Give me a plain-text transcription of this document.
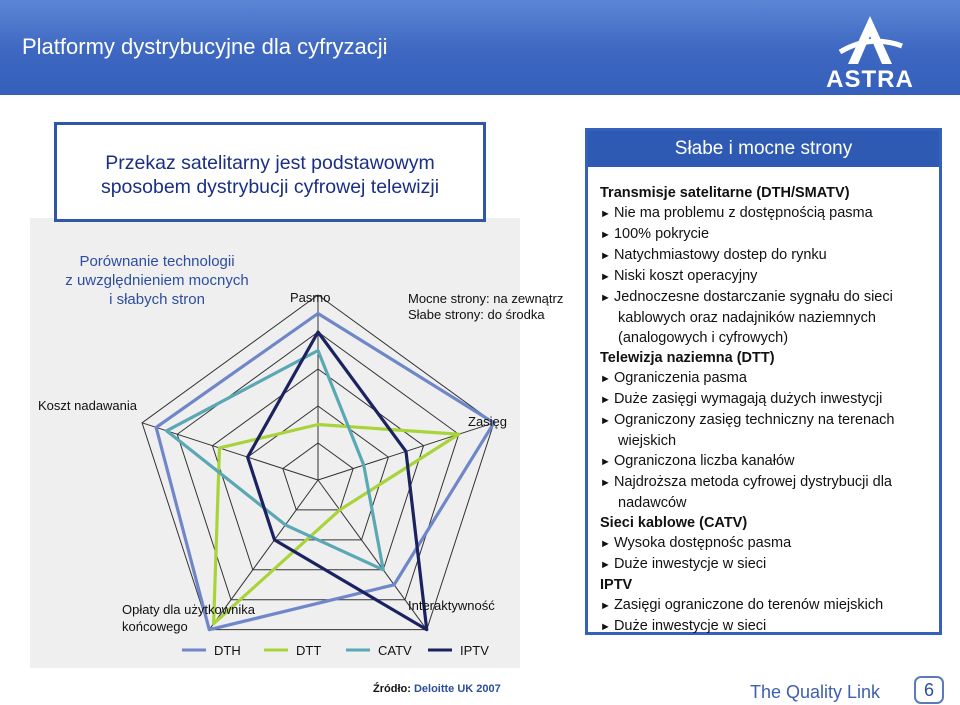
Platformy dystrybucyjne dla cyfryzacji
ASTRA
Przekaz satelitarny jest podstawowym
sposobem dystrybucji cyfrowej telewizji
Porównanie technologii
z uwzględnieniem mocnych
i słabych stron	Mocne strony: na zewnątrz
Słabe strony: do środka
Pasmo
Zasięg
Interaktywność
Opłaty dla użytkownika końcowego
Koszt nadawania
DTH	DTT	CATV	IPTV
Słabe i mocne strony
Transmisje satelitarne (DTH/SMATV)
► Nie ma problemu z dostępnością pasma
► 100% pokrycie
► Natychmiastowy dostep do rynku
► Niski koszt operacyjny
► Jednoczesne dostarczanie sygnału do sieci
kablowych oraz nadajników naziemnych
(analogowych i cyfrowych)
Telewizja naziemna (DTT)
► Ograniczenia pasma
► Duże zasięgi wymagają dużych inwestycji
► Ograniczony zasięg techniczny na terenach
wiejskich
► Ograniczona liczba kanałów
► Najdroższa metoda cyfrowej dystrybucji dla
nadawców
Sieci kablowe (CATV)
► Wysoka dostępnośc pasma
► Duże inwestycje w sieci
IPTV
► Zasięgi ograniczone do terenów miejskich
► Duże inwestycje w sieci
Źródło: Deloitte UK 2007	The Quality Link	6
